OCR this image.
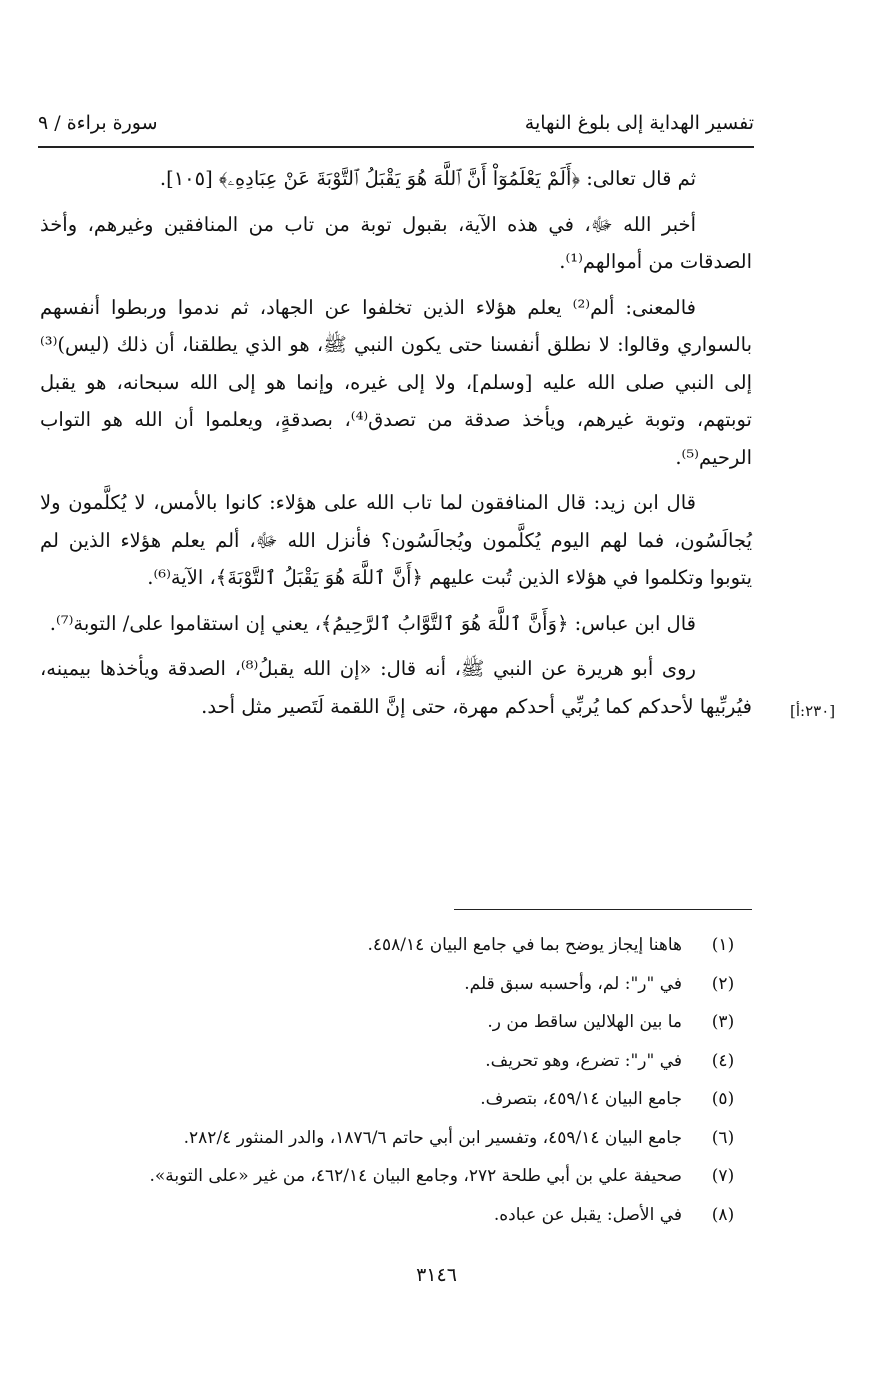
تفسير الهداية إلى بلوغ النهاية
سورة براءة / ٩

ثم قال تعالى: ﴿أَلَمْ يَعْلَمُوٓاْ أَنَّ ٱللَّهَ هُوَ يَقْبَلُ ٱلتَّوْبَةَ عَنْ عِبَادِهِۦ﴾ [١٠٥].

أخبر الله ﷻ، في هذه الآية، بقبول توبة من تاب من المنافقين وغيرهم، وأخذ الصدقات من أموالهم⁽¹⁾.

فالمعنى: ألم⁽²⁾ يعلم هؤلاء الذين تخلفوا عن الجهاد، ثم ندموا وربطوا أنفسهم بالسواري وقالوا: لا نطلق أنفسنا حتى يكون النبي ﷺ، هو الذي يطلقنا، أن ذلك (ليس)⁽³⁾ إلى النبي صلى الله عليه [وسلم]، ولا إلى غيره، وإنما هو إلى الله سبحانه، هو يقبل توبتهم، وتوبة غيرهم، ويأخذ صدقة من تصدق⁽⁴⁾، بصدقةٍ، ويعلموا أن الله هو التواب الرحيم⁽⁵⁾.

قال ابن زيد: قال المنافقون لما تاب الله على هؤلاء: كانوا بالأمس، لا يُكلَّمون ولا يُجالَسُون، فما لهم اليوم يُكلَّمون ويُجالَسُون؟ فأنزل الله ﷻ، ألم يعلم هؤلاء الذين لم يتوبوا وتكلموا في هؤلاء الذين تُبت عليهم ﴿أَنَّ ٱللَّهَ هُوَ يَقْبَلُ ٱلتَّوْبَةَ﴾، الآية⁽⁶⁾.

قال ابن عباس: ﴿وَأَنَّ ٱللَّهَ هُوَ ٱلتَّوَّابُ ٱلرَّحِيمُ﴾، يعني إن استقاموا على/ التوبة⁽⁷⁾.

روى أبو هريرة عن النبي ﷺ، أنه قال: «إن الله يقبلُ⁽⁸⁾، الصدقة ويأخذها بيمينه، فيُربِّيها لأحدكم كما يُربِّي أحدكم مهرة، حتى إنَّ اللقمة لَتَصير مثل أحد.	[٢٣٠:أ]
(١)
هاهنا إيجاز يوضح بما في جامع البيان ٤٥٨/١٤.
(٢)
في "ر": لم، وأحسبه سبق قلم.
(٣)
ما بين الهلالين ساقط من ر.
(٤)
في "ر": تضرع، وهو تحريف.
(٥)
جامع البيان ٤٥٩/١٤، بتصرف.
(٦)
جامع البيان ٤٥٩/١٤، وتفسير ابن أبي حاتم ١٨٧٦/٦، والدر المنثور ٢٨٢/٤.
(٧)
صحيفة علي بن أبي طلحة ٢٧٢، وجامع البيان ٤٦٢/١٤، من غير «على التوبة».
(٨)
في الأصل: يقبل عن عباده.
٣١٤٦
